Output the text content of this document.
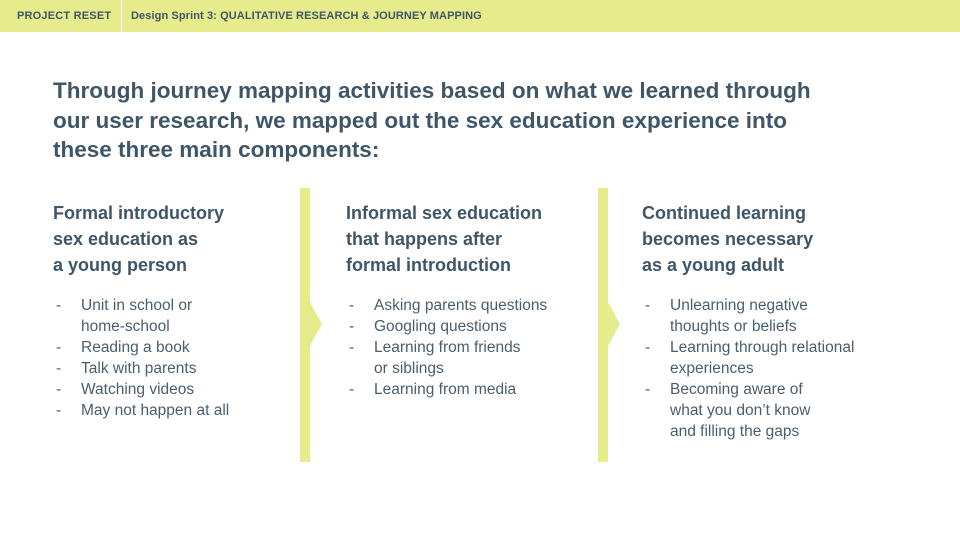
PROJECT RESET	Design Sprint 3: QUALITATIVE RESEARCH & JOURNEY MAPPING
Through journey mapping activities based on what we learned through our user research, we mapped out the sex education experience into these three main components:
Formal introductory
sex education as
a young person
-	Unit in school or
home-school
-	Reading a book
-	Talk with parents
-	Watching videos
-	May not happen at all
Informal sex education
that happens after
formal introduction
-	Asking parents questions
-	Googling questions
-	Learning from friends
or siblings
-	Learning from media
Continued learning
becomes necessary
as a young adult
-	Unlearning negative
thoughts or beliefs
-	Learning through relational
experiences
-	Becoming aware of
what you don’t know
and filling the gaps
